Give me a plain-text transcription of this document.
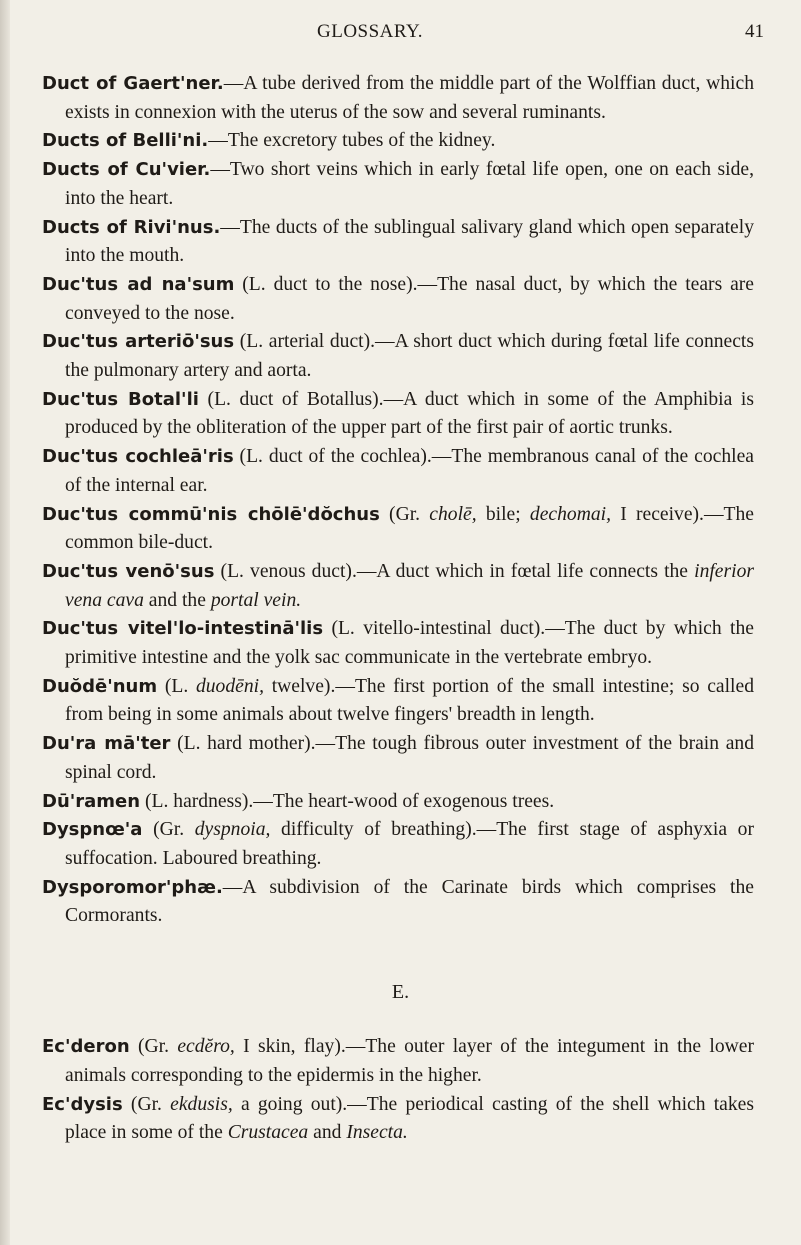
GLOSSARY.	41

Duct of Gaert'ner.—A tube derived from the middle part of the Wolffian duct, which exists in connexion with the uterus of the sow and several ruminants.

Ducts of Belli'ni.—The excretory tubes of the kidney.

Ducts of Cu'vier.—Two short veins which in early fœtal life open, one on each side, into the heart.

Ducts of Rivi'nus.—The ducts of the sublingual salivary gland which open separately into the mouth.

Duc'tus ad na'sum (L. duct to the nose).—The nasal duct, by which the tears are conveyed to the nose.

Duc'tus arteriō'sus (L. arterial duct).—A short duct which during fœtal life connects the pulmonary artery and aorta.

Duc'tus Botal'li (L. duct of Botallus).—A duct which in some of the Amphibia is produced by the obliteration of the upper part of the first pair of aortic trunks.

Duc'tus cochleā'ris (L. duct of the cochlea).—The membranous canal of the cochlea of the internal ear.

Duc'tus commū'nis chōlē'dŏchus (Gr. cholē, bile; dechomai, I receive).—The common bile-duct.

Duc'tus venō'sus (L. venous duct).—A duct which in fœtal life connects the inferior vena cava and the portal vein.

Duc'tus vitel'lo-intestinā'lis (L. vitello-intestinal duct).—The duct by which the primitive intestine and the yolk sac communicate in the vertebrate embryo.

Duŏdē'num (L. duodēni, twelve).—The first portion of the small intestine; so called from being in some animals about twelve fingers' breadth in length.

Du'ra mā'ter (L. hard mother).—The tough fibrous outer investment of the brain and spinal cord.

Dū'ramen (L. hardness).—The heart-wood of exogenous trees.

Dyspnœ'a (Gr. dyspnoia, difficulty of breathing).—The first stage of asphyxia or suffocation. Laboured breathing.

Dysporomor'phæ.—A subdivision of the Carinate birds which comprises the Cormorants.

E.

Ec'deron (Gr. ecdĕro, I skin, flay).—The outer layer of the integument in the lower animals corresponding to the epidermis in the higher.

Ec'dysis (Gr. ekdusis, a going out).—The periodical casting of the shell which takes place in some of the Crustacea and Insecta.
